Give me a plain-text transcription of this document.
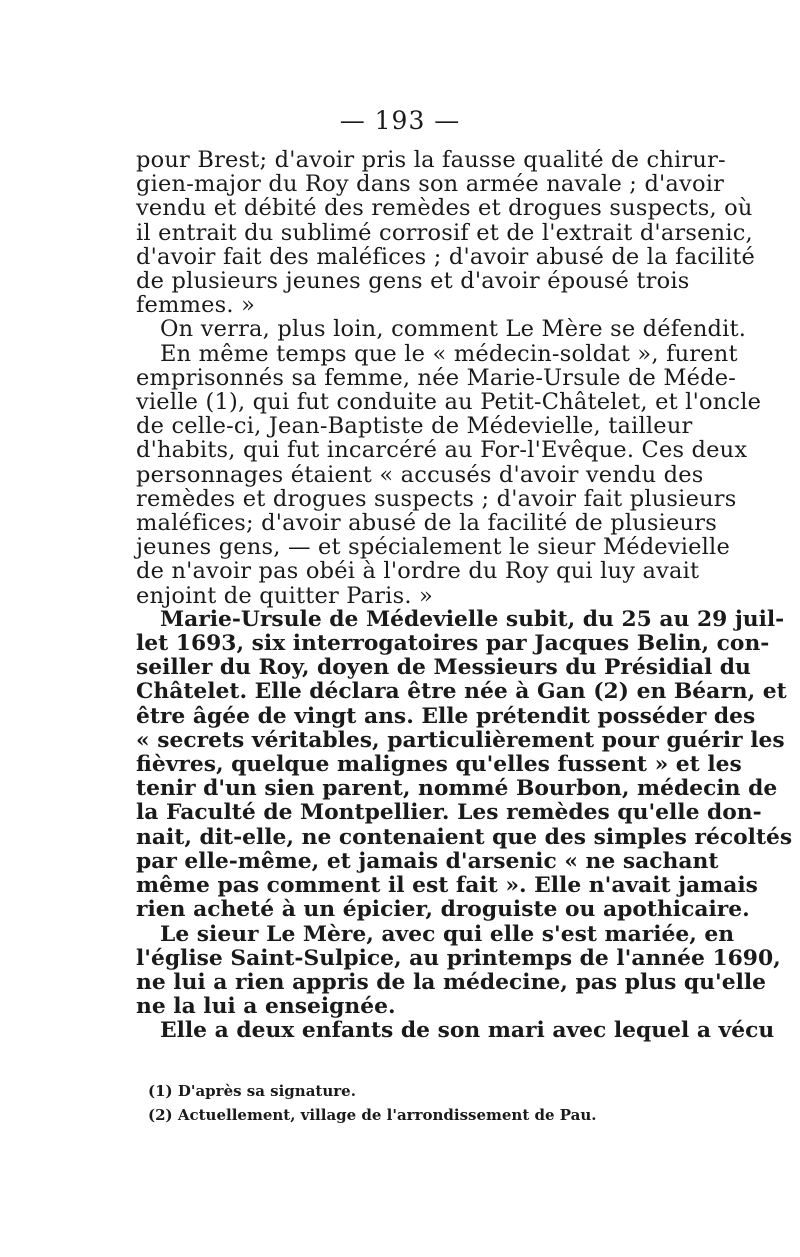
— 193 —
pour Brest; d'avoir pris la fausse qualité de chirur-
gien-major du Roy dans son armée navale ; d'avoir
vendu et débité des remèdes et drogues suspects, où
il entrait du sublimé corrosif et de l'extrait d'arsenic,
d'avoir fait des maléfices ; d'avoir abusé de la facilité
de plusieurs jeunes gens et d'avoir épousé trois
femmes. »
On verra, plus loin, comment Le Mère se défendit.
En même temps que le « médecin-soldat », furent
emprisonnés sa femme, née Marie-Ursule de Méde-
vielle (1), qui fut conduite au Petit-Châtelet, et l'oncle
de celle-ci, Jean-Baptiste de Médevielle, tailleur
d'habits, qui fut incarcéré au For-l'Evêque. Ces deux
personnages étaient « accusés d'avoir vendu des
remèdes et drogues suspects ; d'avoir fait plusieurs
maléfices; d'avoir abusé de la facilité de plusieurs
jeunes gens, — et spécialement le sieur Médevielle
de n'avoir pas obéi à l'ordre du Roy qui luy avait
enjoint de quitter Paris. »
Marie-Ursule de Médevielle subit, du 25 au 29 juil-
let 1693, six interrogatoires par Jacques Belin, con-
seiller du Roy, doyen de Messieurs du Présidial du
Châtelet. Elle déclara être née à Gan (2) en Béarn, et
être âgée de vingt ans. Elle prétendit posséder des
« secrets véritables, particulièrement pour guérir les
fièvres, quelque malignes qu'elles fussent » et les
tenir d'un sien parent, nommé Bourbon, médecin de
la Faculté de Montpellier. Les remèdes qu'elle don-
nait, dit-elle, ne contenaient que des simples récoltés
par elle-même, et jamais d'arsenic « ne sachant
même pas comment il est fait ». Elle n'avait jamais
rien acheté à un épicier, droguiste ou apothicaire.
Le sieur Le Mère, avec qui elle s'est mariée, en
l'église Saint-Sulpice, au printemps de l'année 1690,
ne lui a rien appris de la médecine, pas plus qu'elle
ne la lui a enseignée.
Elle a deux enfants de son mari avec lequel a vécu
(1) D'après sa signature.
(2) Actuellement, village de l'arrondissement de Pau.
